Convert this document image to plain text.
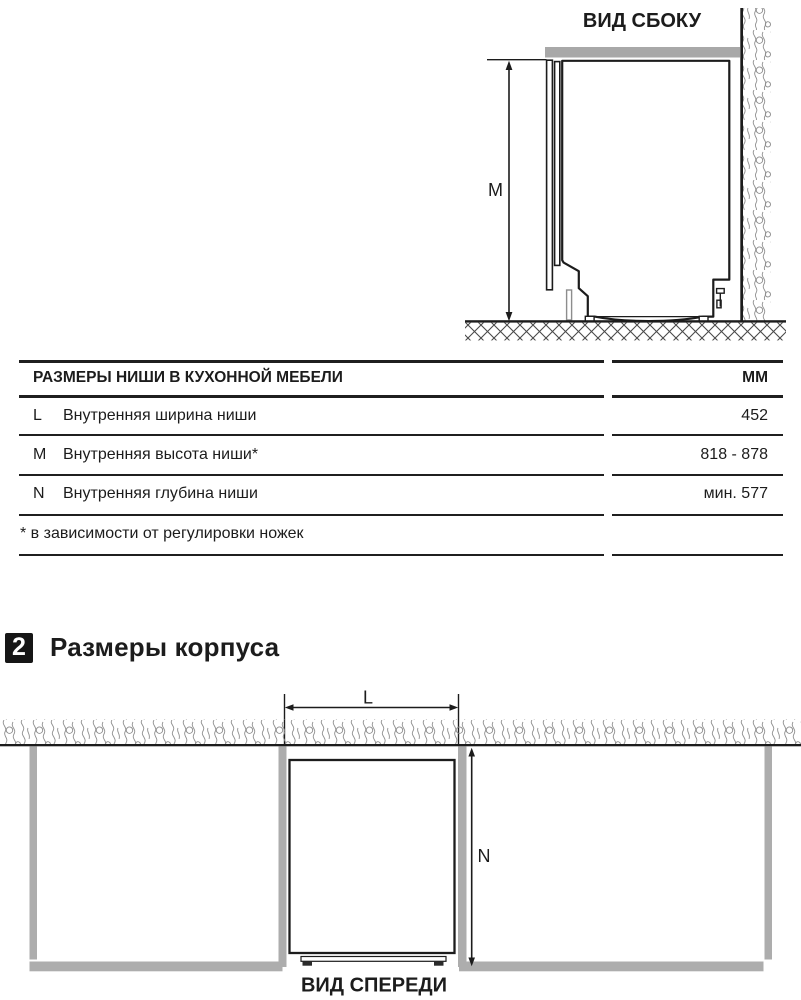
ВИД СБОКУ
M
РАЗМЕРЫ НИШИ В КУХОННОЙ МЕБЕЛИ	ММ
L Внутренняя ширина ниши	452
M Внутренняя высота ниши*	818 - 878
N Внутренняя глубина ниши	мин. 577
* в зависимости от регулировки ножек
2 Размеры корпуса
L
N
ВИД СПЕРЕДИ
